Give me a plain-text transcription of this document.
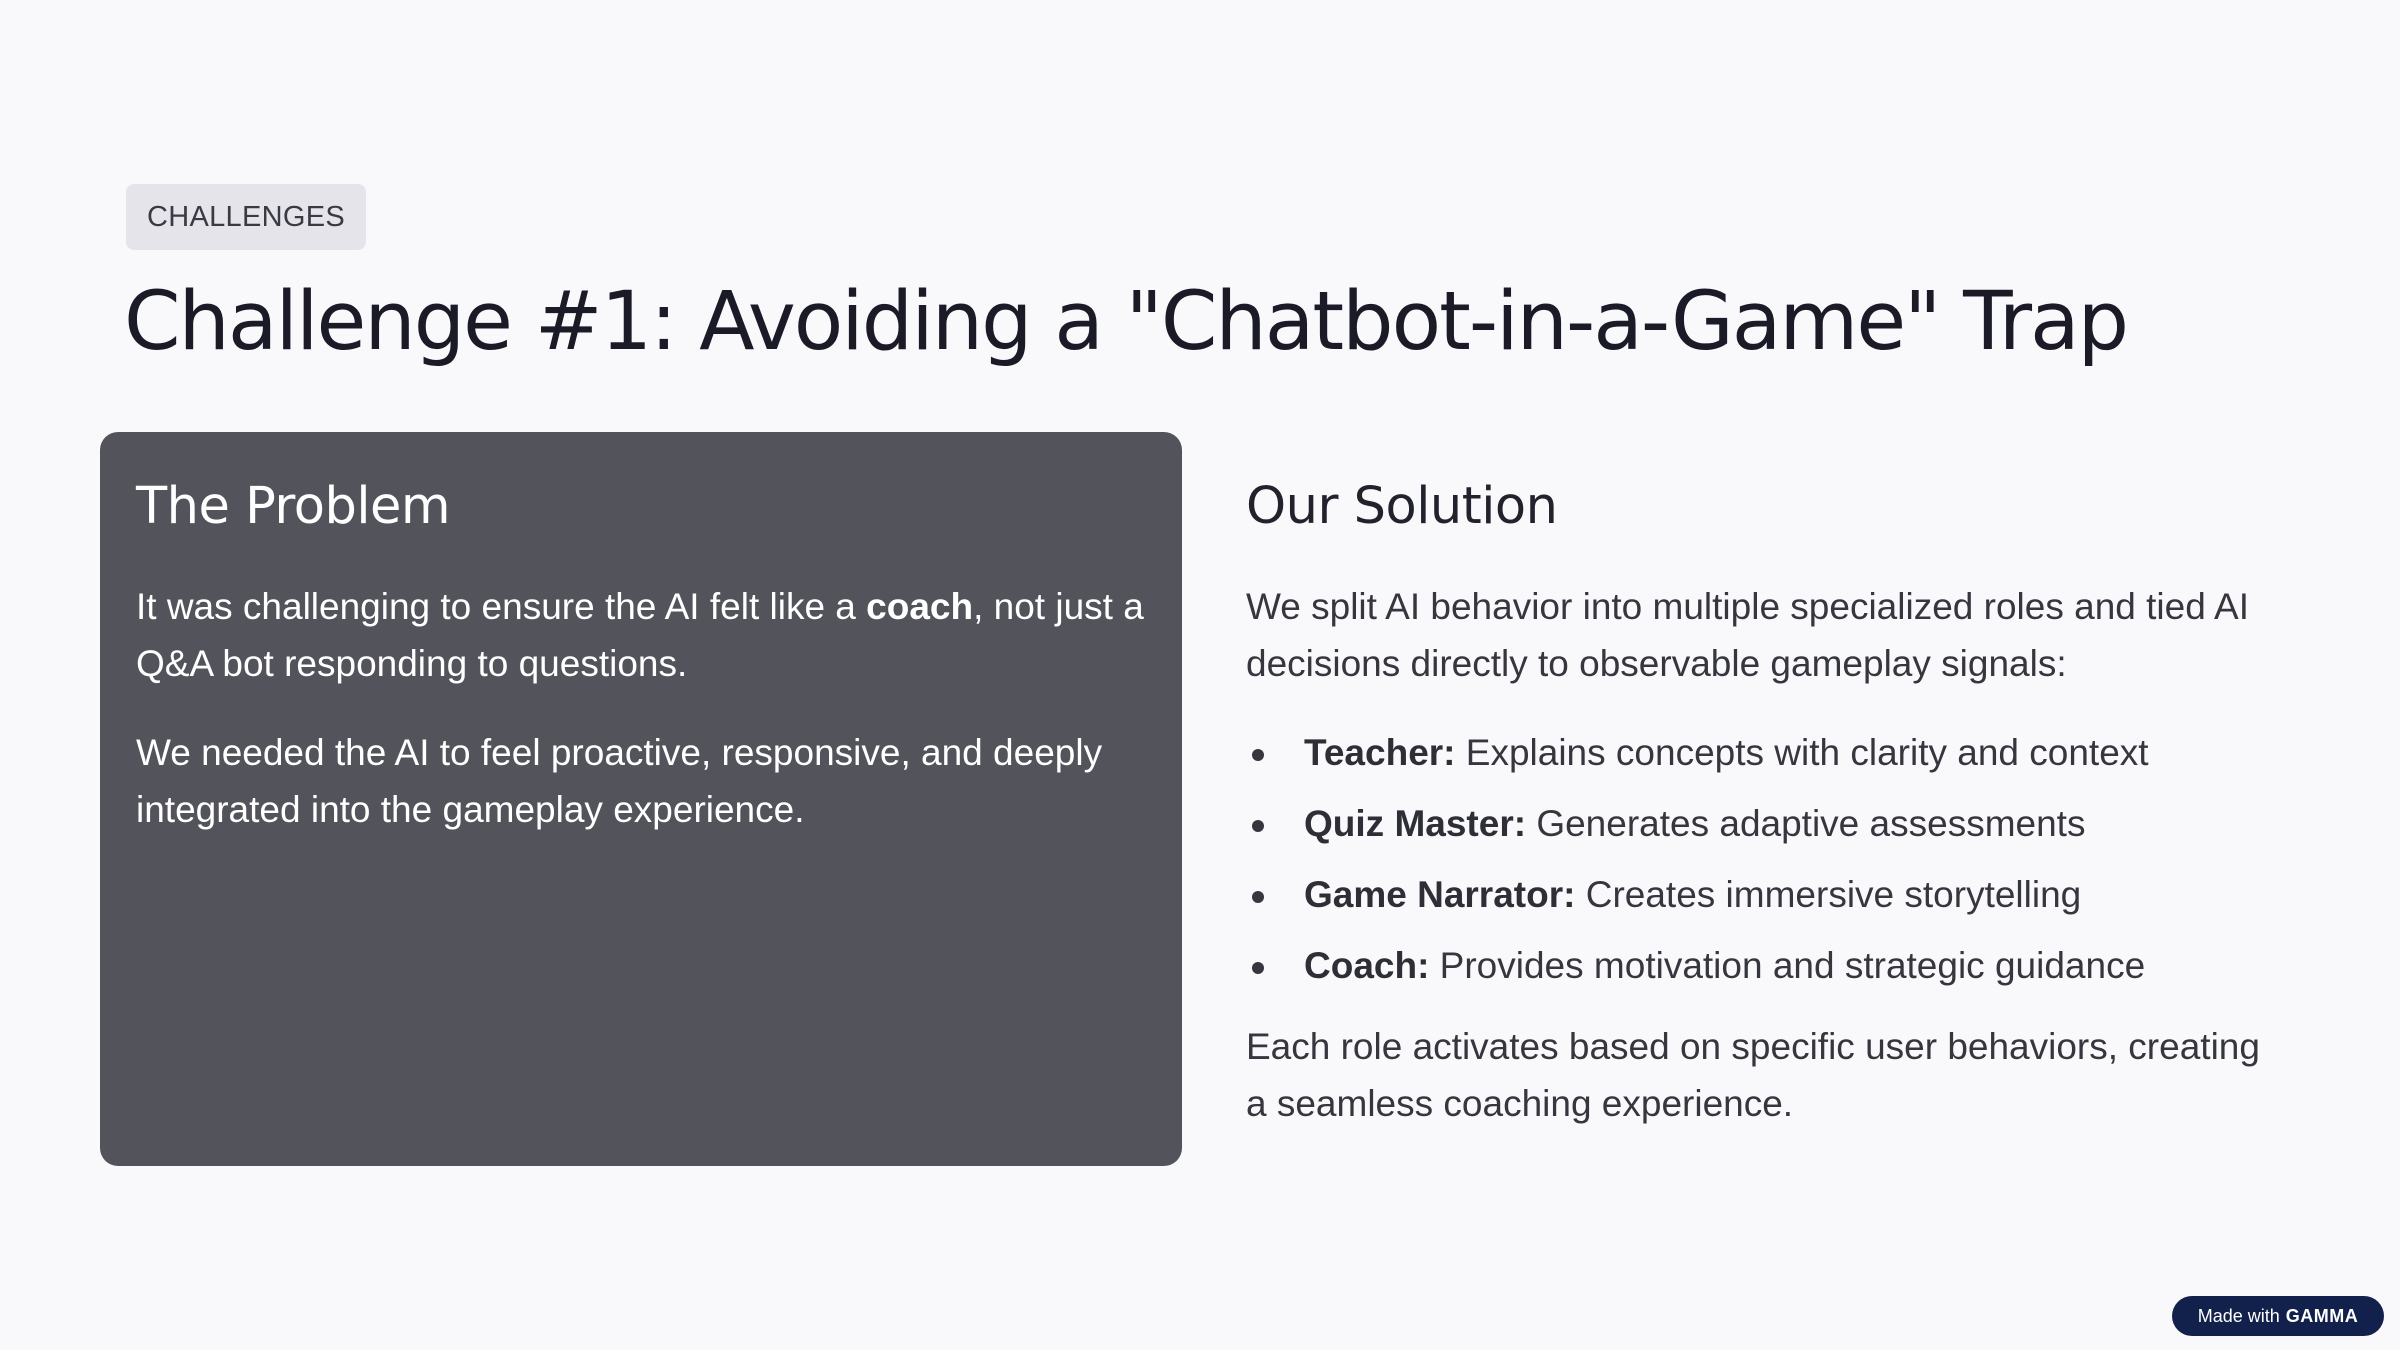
CHALLENGES
Challenge #1: Avoiding a "Chatbot-in-a-Game" Trap
The Problem

It was challenging to ensure the AI felt like a coach, not just a Q&A bot responding to questions.

We needed the AI to feel proactive, responsive, and deeply integrated into the gameplay experience.

Our Solution

We split AI behavior into multiple specialized roles and tied AI decisions directly to observable gameplay signals:

Teacher: Explains concepts with clarity and context
Quiz Master: Generates adaptive assessments
Game Narrator: Creates immersive storytelling
Coach: Provides motivation and strategic guidance

Each role activates based on specific user behaviors, creating a seamless coaching experience.

Made with GAMMA
